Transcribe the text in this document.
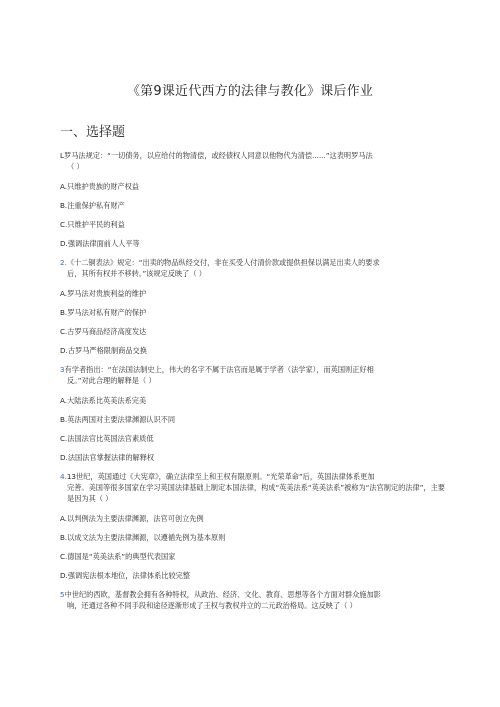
《第9课近代西方的法律与教化》课后作业
一、选择题
L罗马法规定：“一切债务，以应给付的物清偿，或经债权人同意以他物代为清偿......”这表明罗马法
（ ）
A.只维护贵族的财产权益
B.注重保护私有财产
C.只维护平民的利益
D.强调法律面前人人平等
2.《十二铜表法》规定：“出卖的物品纵经交付，非在买受人付清价款或提供担保以满足出卖人的要求
后，其所有权并不移转。”该规定反映了（ ）
A.罗马法对贵族利益的维护
B.罗马法对私有财产的保护
C.古罗马商品经济高度发达
D.古罗马严格限制商品交换
3有学者指出：“在法国法制史上，伟大的名字不属于法官而是属于学者（法学家），而英国则正好相
反。”对此合理的解释是（ ）
A.大陆法系比英美法系完美
B.英法两国对主要法律渊源认识不同
C.法国法官比英国法官素质低
D.法国法官掌握法律的解释权
4.13世纪，英国通过《大宪章》，确立法律至上和王权有限原则。“光荣革命”后，英国法律体系更加
完善。美国等很多国家在学习英国法律基础上制定本国法律，构成“英美法系“英美法系”被称为“法官制定的法律”，主要是因为其（ ）
A.以判例法为主要法律渊源，法官可创立先例
B.以成文法为主要法律渊源，以遵循先例为基本原则
C.德国是“英美法系”的典型代表国家
D.强调宪法根本地位，法律体系比较完整
5中世纪的西欧，基督教会拥有各种特权，从政治、经济、文化、教育、思想等各个方面对群众施加影
响，还通过各种不同手段和途径逐渐形成了王权与教权并立的二元政治格局。这反映了（ ）
